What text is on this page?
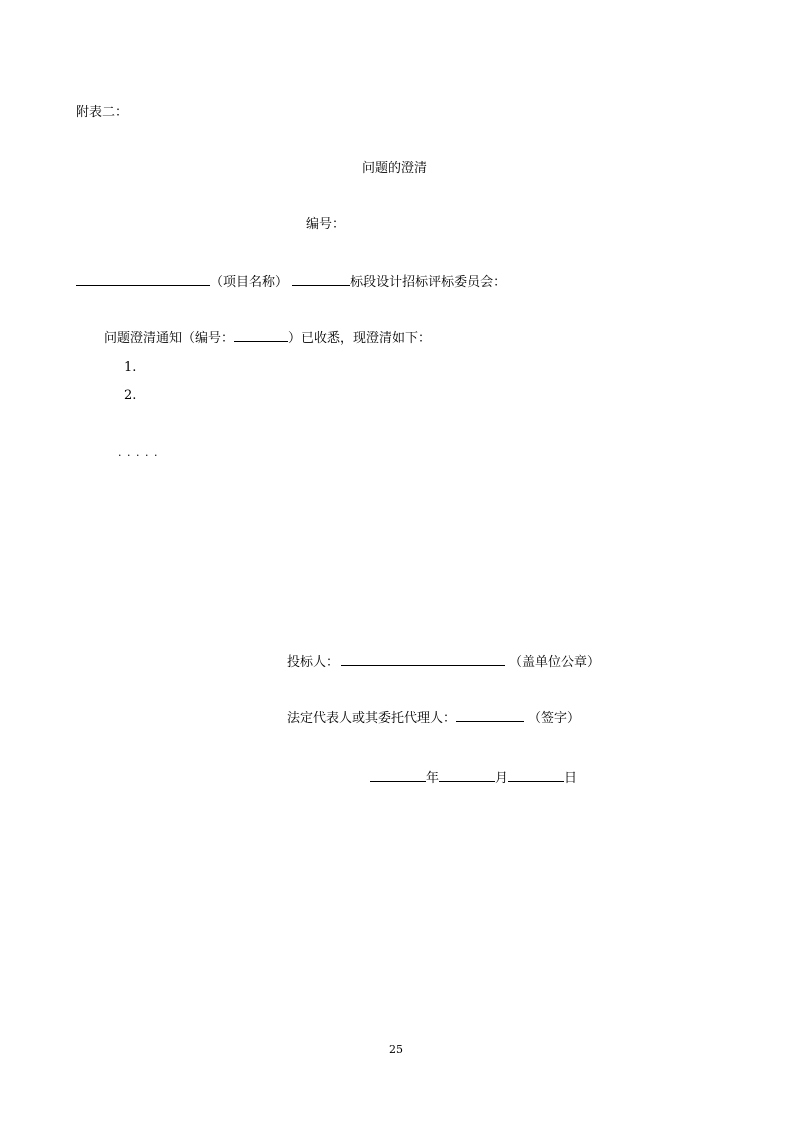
附表二：
问题的澄清
编号：
（项目名称）	标段设计招标评标委员会：
问题澄清通知（编号：	）已收悉，现澄清如下：
1.
2.
· · · · ·
投标人：	（盖单位公章）
法定代表人或其委托代理人：	（签字）
年	月	日
25
